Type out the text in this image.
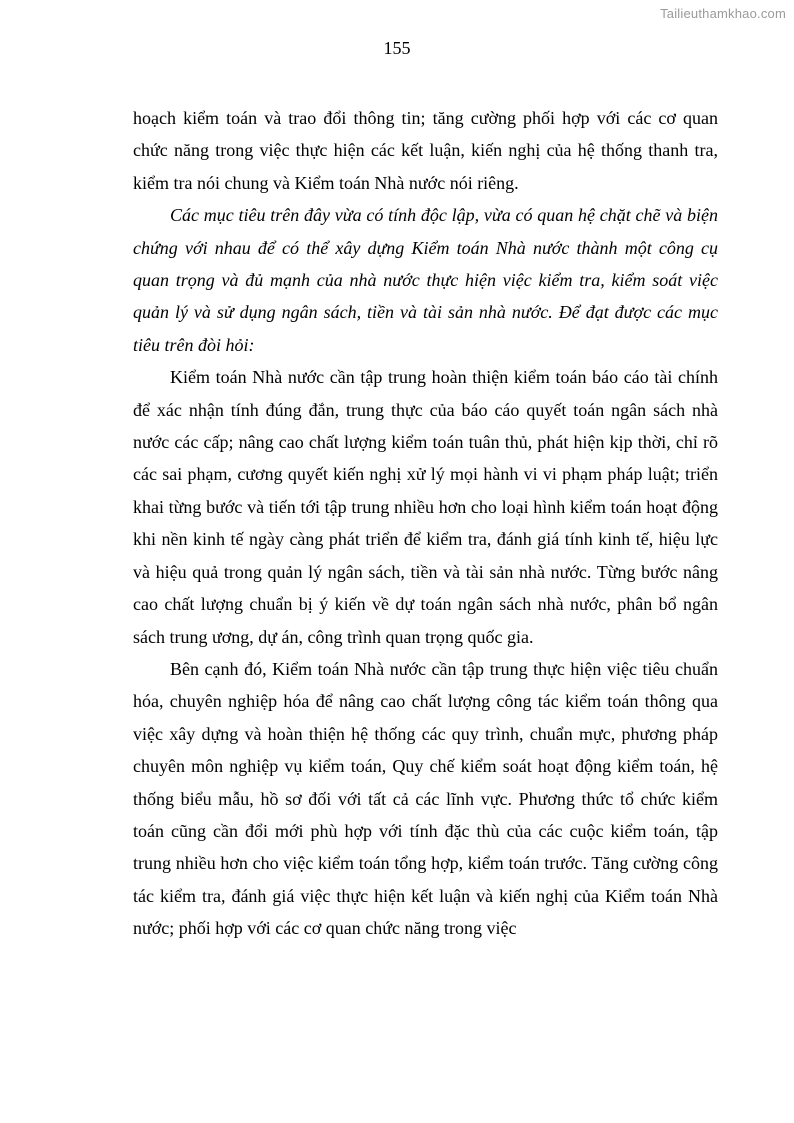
Tailieuthamkhao.com
155

hoạch kiểm toán và trao đổi thông tin; tăng cường phối hợp với các cơ quan chức năng trong việc thực hiện các kết luận, kiến nghị của hệ thống thanh tra, kiểm tra nói chung và Kiểm toán Nhà nước nói riêng.

Các mục tiêu trên đây vừa có tính độc lập, vừa có quan hệ chặt chẽ và biện chứng với nhau để có thể xây dựng Kiểm toán Nhà nước thành một công cụ quan trọng và đủ mạnh của nhà nước thực hiện việc kiểm tra, kiểm soát việc quản lý và sử dụng ngân sách, tiền và tài sản nhà nước. Để đạt được các mục tiêu trên đòi hỏi:

Kiểm toán Nhà nước cần tập trung hoàn thiện kiểm toán báo cáo tài chính để xác nhận tính đúng đắn, trung thực của báo cáo quyết toán ngân sách nhà nước các cấp; nâng cao chất lượng kiểm toán tuân thủ, phát hiện kịp thời, chỉ rõ các sai phạm, cương quyết kiến nghị xử lý mọi hành vi vi phạm pháp luật; triển khai từng bước và tiến tới tập trung nhiều hơn cho loại hình kiểm toán hoạt động khi nền kinh tế ngày càng phát triển để kiểm tra, đánh giá tính kinh tế, hiệu lực và hiệu quả trong quản lý ngân sách, tiền và tài sản nhà nước. Từng bước nâng cao chất lượng chuẩn bị ý kiến về dự toán ngân sách nhà nước, phân bổ ngân sách trung ương, dự án, công trình quan trọng quốc gia.

Bên cạnh đó, Kiểm toán Nhà nước cần tập trung thực hiện việc tiêu chuẩn hóa, chuyên nghiệp hóa để nâng cao chất lượng công tác kiểm toán thông qua việc xây dựng và hoàn thiện hệ thống các quy trình, chuẩn mực, phương pháp chuyên môn nghiệp vụ kiểm toán, Quy chế kiểm soát hoạt động kiểm toán, hệ thống biểu mẫu, hồ sơ đối với tất cả các lĩnh vực. Phương thức tổ chức kiểm toán cũng cần đổi mới phù hợp với tính đặc thù của các cuộc kiểm toán, tập trung nhiều hơn cho việc kiểm toán tổng hợp, kiểm toán trước. Tăng cường công tác kiểm tra, đánh giá việc thực hiện kết luận và kiến nghị của Kiểm toán Nhà nước; phối hợp với các cơ quan chức năng trong việc
